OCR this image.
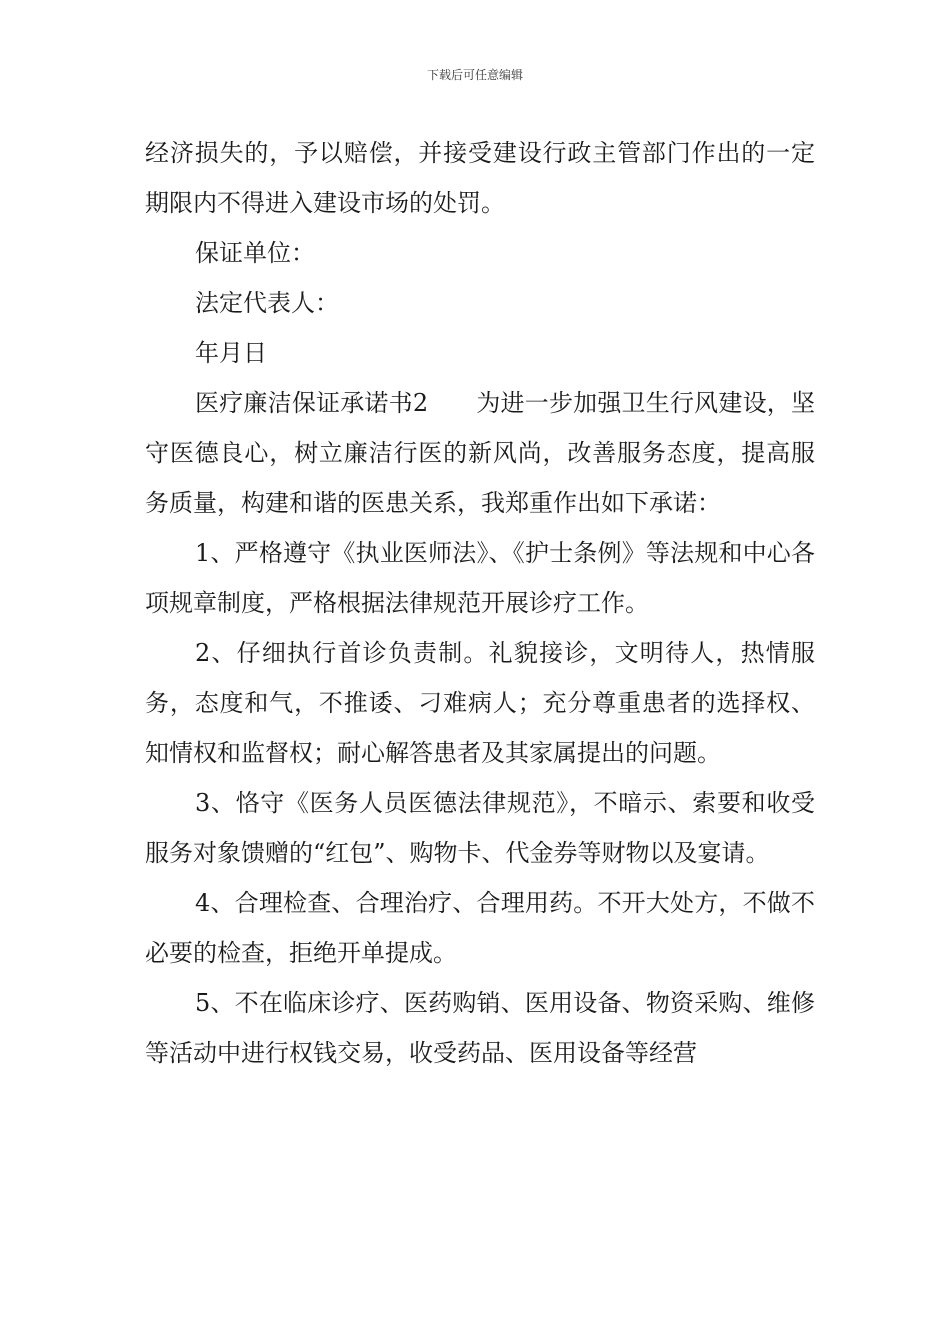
下载后可任意编辑

经济损失的，予以赔偿，并接受建设行政主管部门作出的一定期限内不得进入建设市场的处罚。

保证单位：

法定代表人：

年月日

医疗廉洁保证承诺书2 为进一步加强卫生行风建设，坚守医德良心，树立廉洁行医的新风尚，改善服务态度，提高服务质量，构建和谐的医患关系，我郑重作出如下承诺：

1、严格遵守《执业医师法》、《护士条例》等法规和中心各项规章制度，严格根据法律规范开展诊疗工作。

2、仔细执行首诊负责制。礼貌接诊，文明待人，热情服务，态度和气，不推诿、刁难病人；充分尊重患者的选择权、知情权和监督权；耐心解答患者及其家属提出的问题。

3、恪守《医务人员医德法律规范》，不暗示、索要和收受服务对象馈赠的“红包”、购物卡、代金券等财物以及宴请。

4、合理检查、合理治疗、合理用药。不开大处方，不做不必要的检查，拒绝开单提成。

5、不在临床诊疗、医药购销、医用设备、物资采购、维修等活动中进行权钱交易，收受药品、医用设备等经营
